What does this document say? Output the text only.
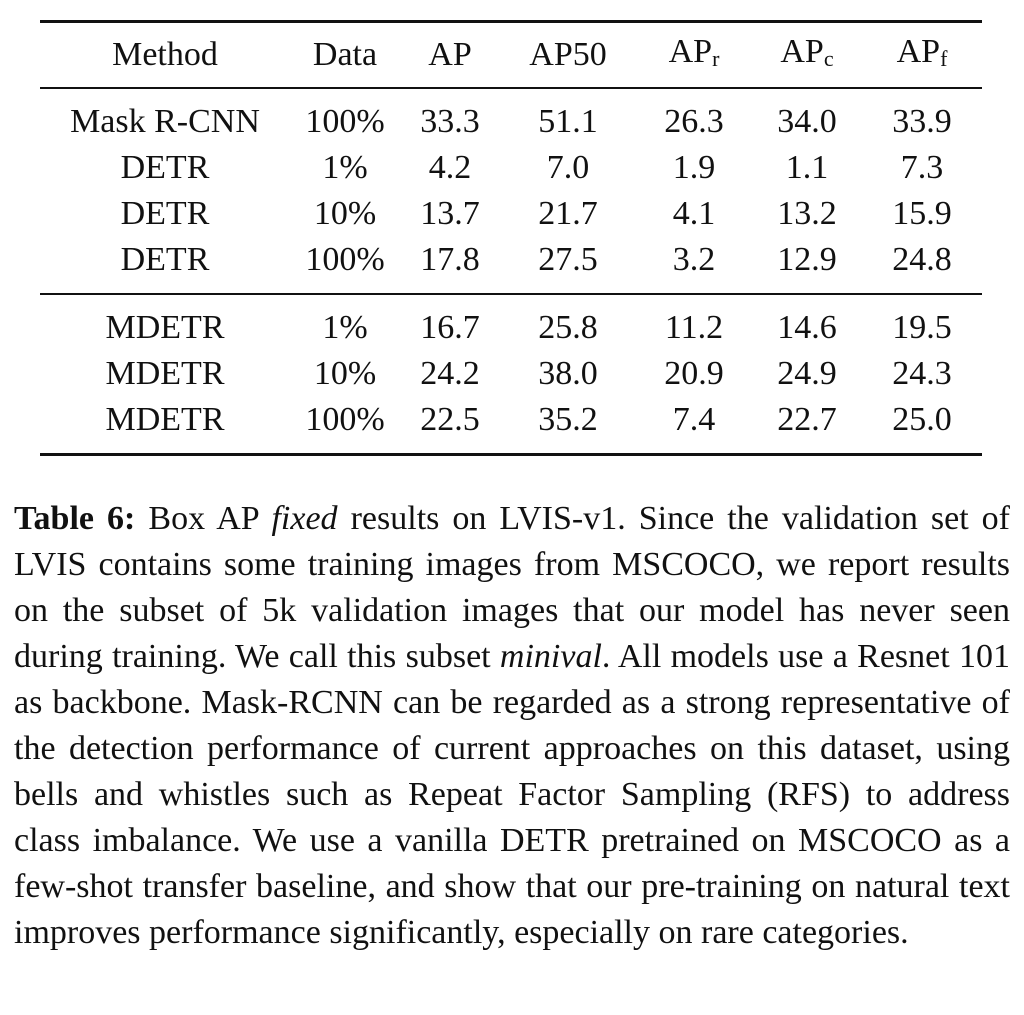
Method	Data	AP	AP50	$AP_r$	$AP_c$	$AP_f$
Mask R-CNN	100%	33.3	51.1	26.3	34.0	33.9
DETR	1%	4.2	7.0	1.9	1.1	7.3
DETR	10%	13.7	21.7	4.1	13.2	15.9
DETR	100%	17.8	27.5	3.2	12.9	24.8
MDETR	1%	16.7	25.8	11.2	14.6	19.5
MDETR	10%	24.2	38.0	20.9	24.9	24.3
MDETR	100%	22.5	35.2	7.4	22.7	25.0

Table 6: Box AP fixed results on LVIS-v1. Since the validation set of LVIS contains some training images from MSCOCO, we report results on the subset of 5k validation images that our model has never seen during training. We call this subset minival. All models use a Resnet 101 as backbone. Mask-RCNN can be regarded as a strong representative of the detection performance of current approaches on this dataset, using bells and whistles such as Repeat Factor Sampling (RFS) to address class imbalance. We use a vanilla DETR pretrained on MSCOCO as a few-shot transfer baseline, and show that our pre-training on natural text improves performance significantly, especially on rare categories.
